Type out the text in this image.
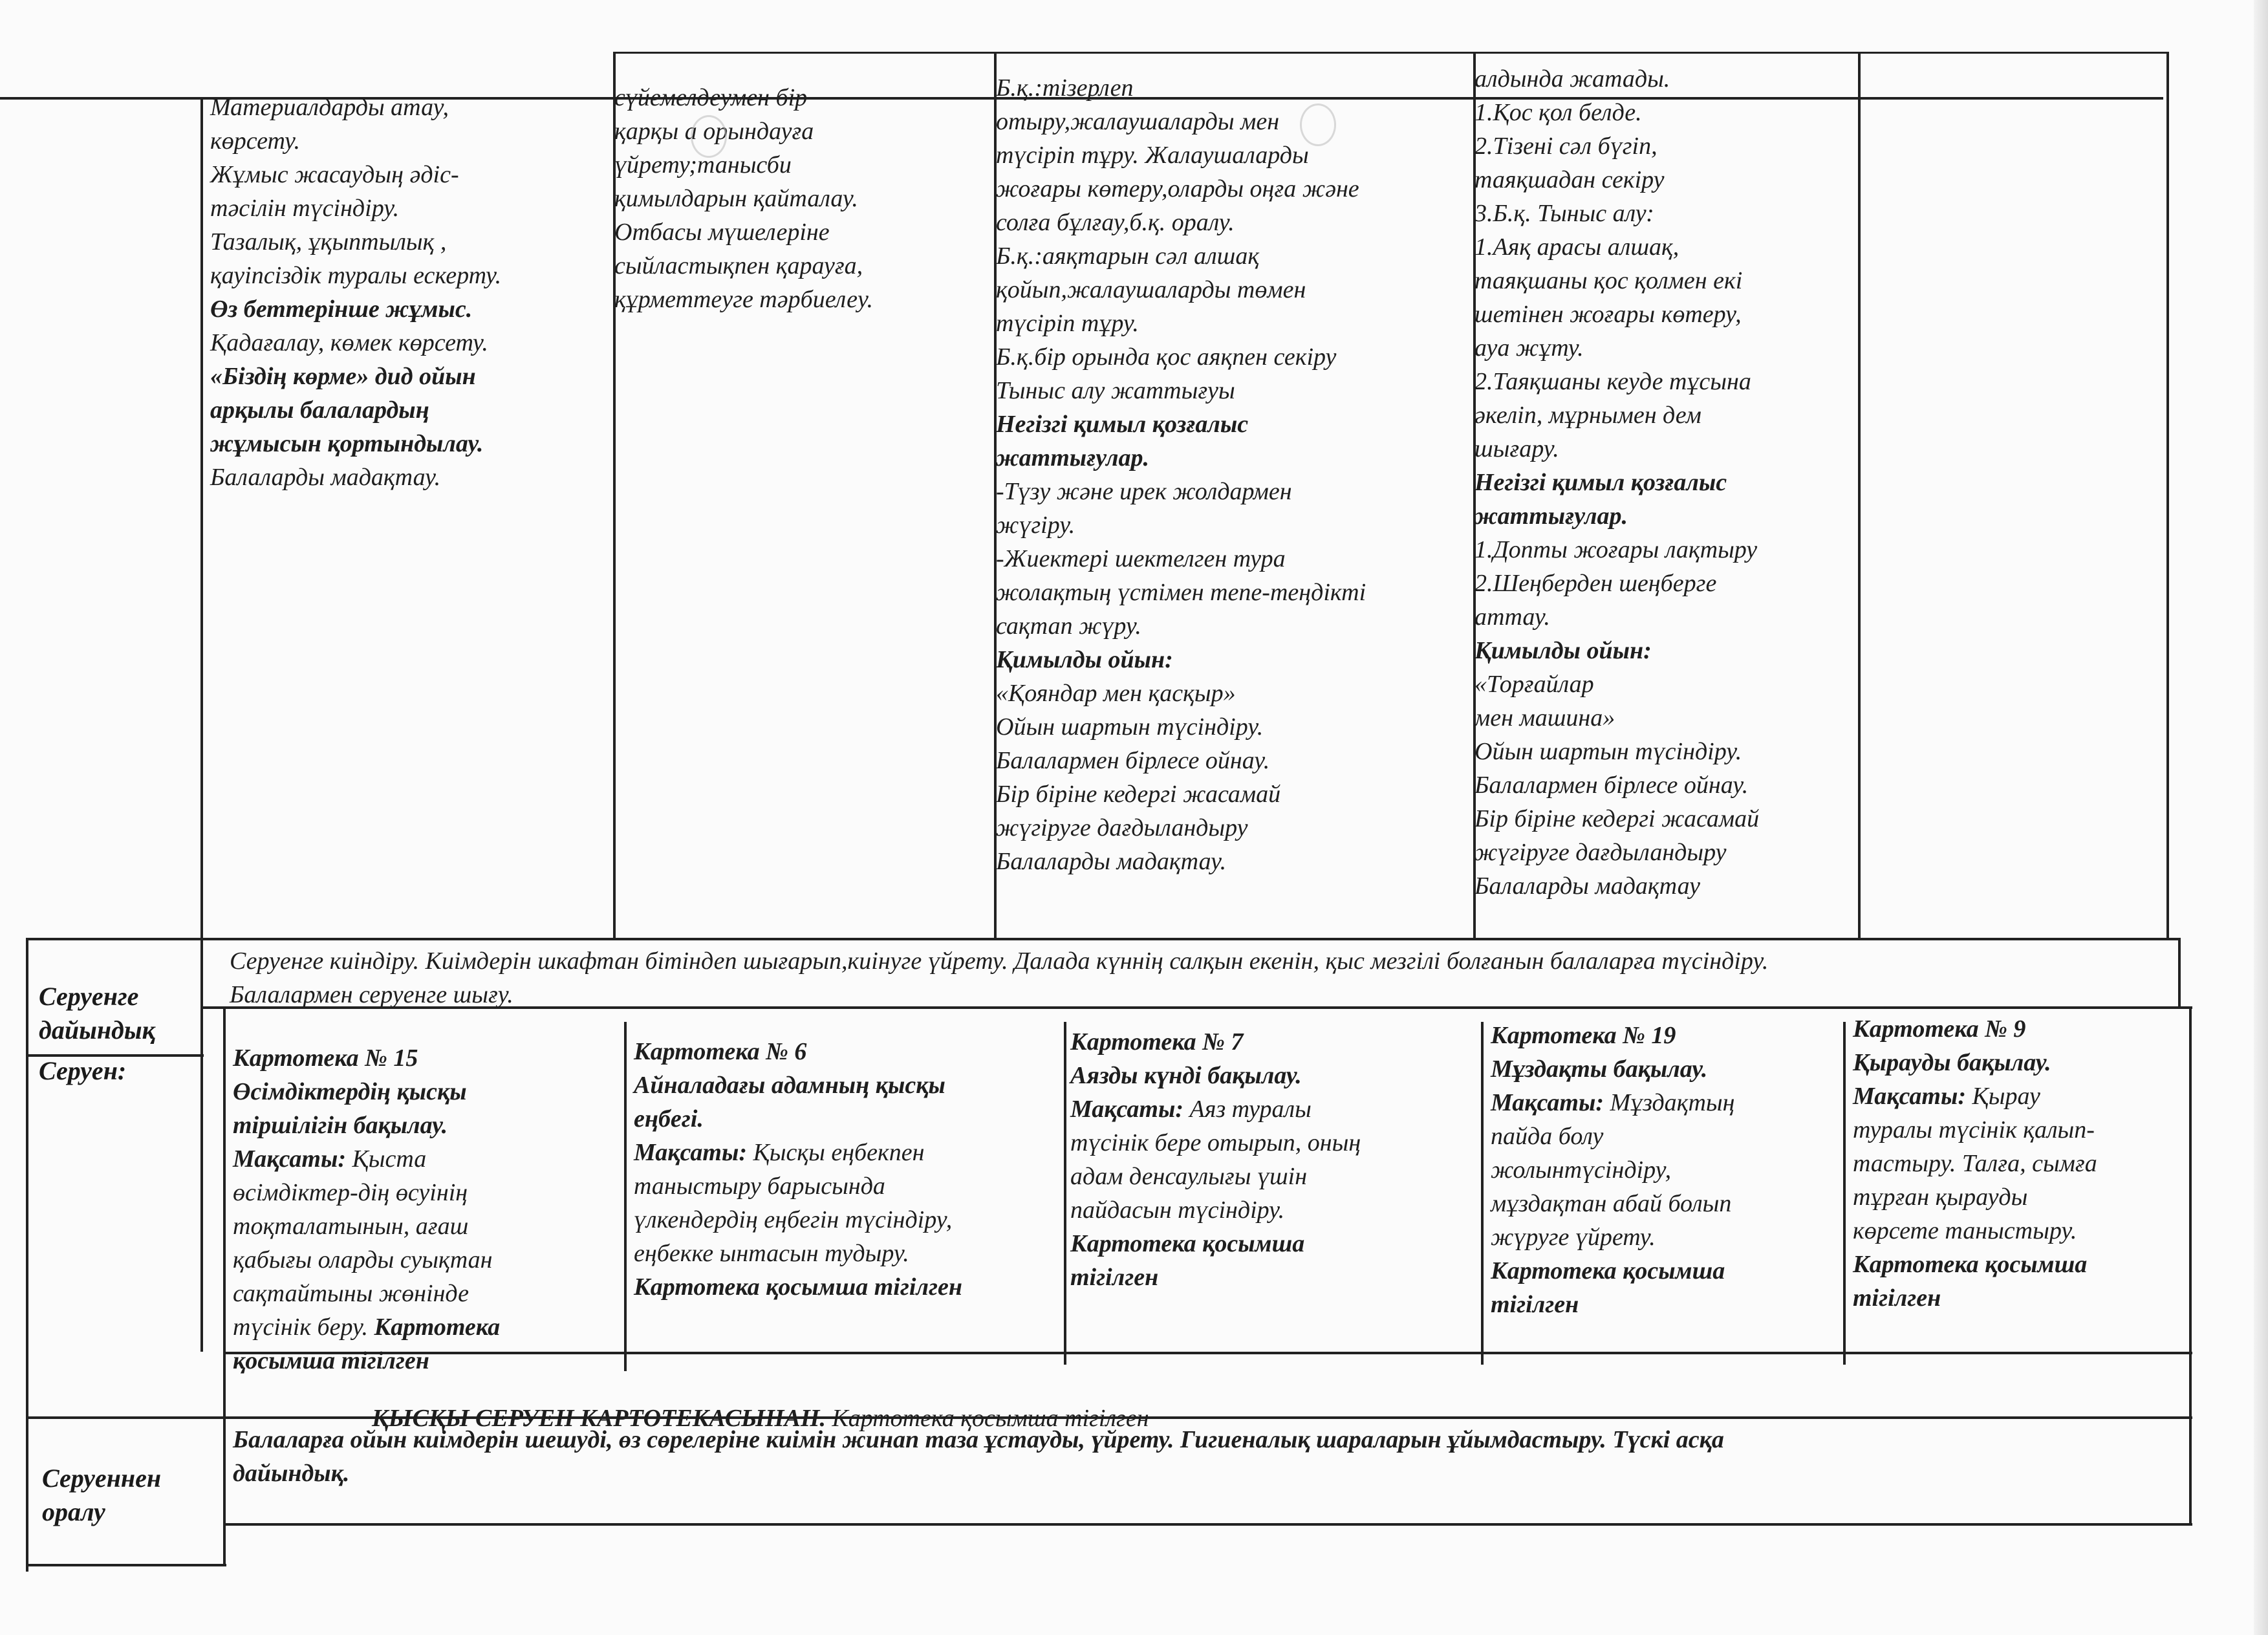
Материалдарды атау,
көрсету.
Жұмыс жасаудың әдіс-
тәсілін түсіндіру.
Тазалық, ұқыптылық ,
қауіпсіздік туралы ескерту.
Өз беттерінше жұмыс.
Қадағалау, көмек көрсету.
«Біздің көрме» дид ойын
арқылы балалардың
жұмысын қортындылау.
Балаларды мадақтау.
сүйемелдеумен бір
қарқы а орындауға
үйрету;танысби
қимылдарын қайталау.
Отбасы мүшелеріне
сыйластықпен қарауға,
құрметтеуге тәрбиелеу.
Б.қ.:тізерлеп
отыру,жалаушаларды мен
түсіріп тұру. Жалаушаларды
жоғары көтеру,оларды оңға және
солға бұлғау,б.қ. оралу.
Б.қ.:аяқтарын сәл алшақ
қойып,жалаушаларды төмен
түсіріп тұру.
Б.қ.бір орында қос аяқпен секіру
Тыныс алу жаттығуы
Негізгі қимыл қозғалыс
жаттығулар.
-Түзу және ирек жолдармен
жүгіру.
-Жиектері шектелген тура
жолақтың үстімен тепе-теңдікті
сақтап жүру.
Қимылды ойын:
«Қояндар мен қасқыр»
Ойын шартын түсіндіру.
Балалармен бірлесе ойнау.
Бір біріне кедергі жасамай
жүгіруге дағдыландыру
Балаларды мадақтау.
алдында жатады.
1.Қос қол белде.
2.Тізені сәл бүгіп,
таяқшадан секіру
3.Б.қ. Тыныс алу:
1.Аяқ арасы алшақ,
таяқшаны қос қолмен екі
шетінен жоғары көтеру,
ауа жұту.
2.Таяқшаны кеуде тұсына
әкеліп, мұрнымен дем
шығару.
Негізгі қимыл қозғалыс
жаттығулар.
1.Допты жоғары лақтыру
2.Шеңберден шеңберге
аттау.
Қимылды ойын:
«Торғайлар
мен машина»
Ойын шартын түсіндіру.
Балалармен бірлесе ойнау.
Бір біріне кедергі жасамай
жүгіруге дағдыландыру
Балаларды мадақтау
Серуенге
дайындық
Серуенге киіндіру. Киімдерін шкафтан бітіндеп шығарып,киінуге үйрету. Далада күннің салқын екенін, қыс мезгілі болғанын балаларға түсіндіру.
Балалармен серуенге шығу.
Серуен:	Картотека № 15
Өсімдіктердің қысқы
тіршілігін бақылау.
Мақсаты: Қыста
өсімдіктер-дің өсуінің
тоқталатынын, ағаш
қабығы оларды суықтан
сақтайтыны жөнінде
түсінік беру. Картотека
қосымша тігілген
Картотека № 6
Айналадағы адамның қысқы
еңбегі.
Мақсаты: Қысқы еңбекпен
таныстыру барысында
үлкендердің еңбегін түсіндіру,
еңбекке ынтасын тудыру.
Картотека қосымша тігілген
Картотека № 7
Аязды күнді бақылау.
Мақсаты: Аяз туралы
түсінік бере отырып, оның
адам денсаулығы үшін
пайдасын түсіндіру.
Картотека қосымша
тігілген
Картотека № 19
Мұздақты бақылау.
Мақсаты: Мұздақтың
пайда болу
жолынтүсіндіру,
мұздақтан абай болып
жүруге үйрету.
Картотека қосымша
тігілген
Картотека № 9
Қырауды бақылау.
Мақсаты: Қырау
туралы түсінік қалып-
тастыру. Талға, сымға
тұрған қырауды
көрсете таныстыру.
Картотека қосымша
тігілген

ҚЫСҚЫ СЕРУЕН КАРТОТЕКАСЫНАН. Картотека қосымша тігілген

Серуеннен
оралу
Балаларға ойын киімдерін шешуді, өз сөрелеріне киімін жинап таза ұстауды, үйрету. Гигиеналық шараларын ұйымдастыру. Түскі асқа
дайындық.
